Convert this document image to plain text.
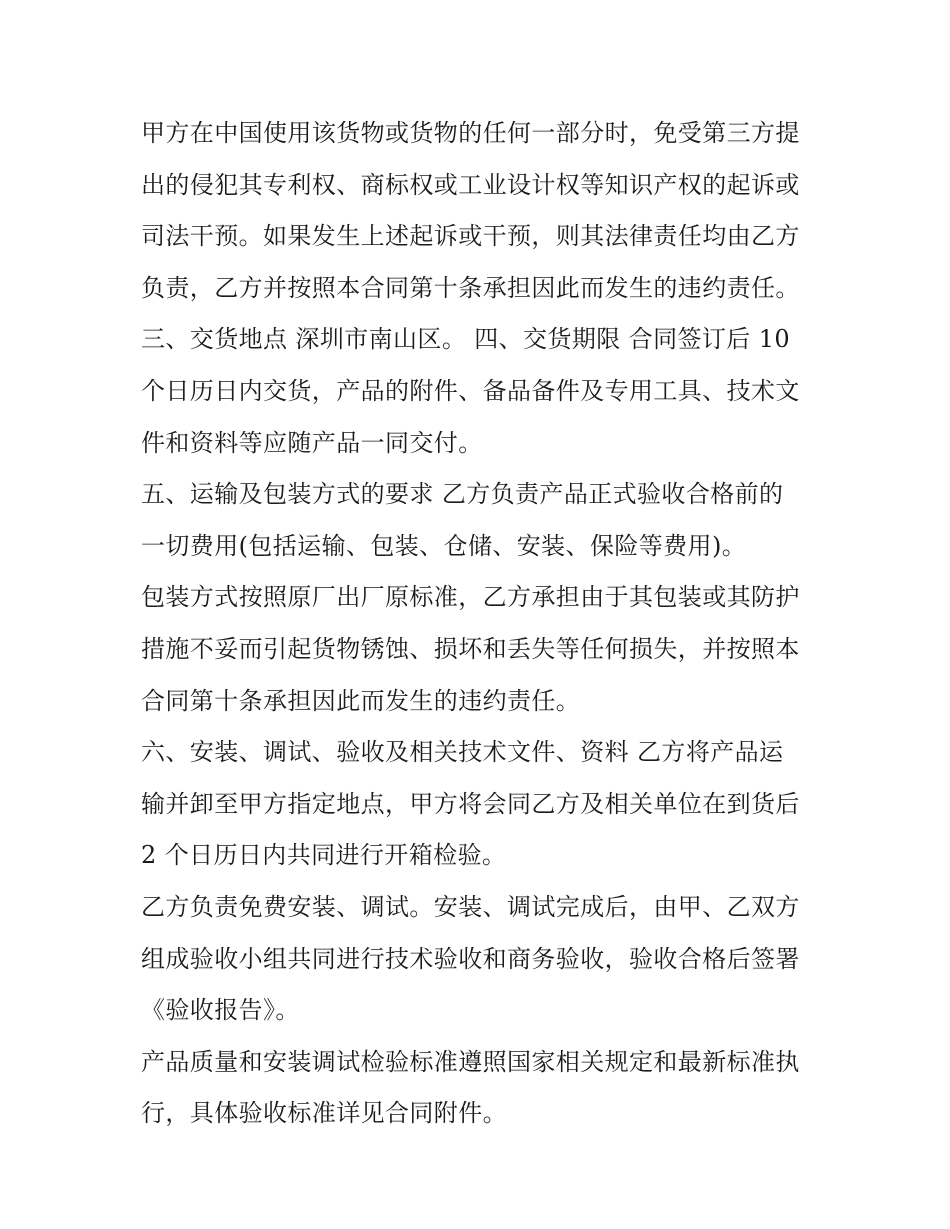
甲方在中国使用该货物或货物的任何一部分时，免受第三方提
出的侵犯其专利权、商标权或工业设计权等知识产权的起诉或
司法干预。如果发生上述起诉或干预，则其法律责任均由乙方
负责，乙方并按照本合同第十条承担因此而发生的违约责任。
三、交货地点 深圳市南山区。 四、交货期限 合同签订后 10
个日历日内交货，产品的附件、备品备件及专用工具、技术文
件和资料等应随产品一同交付。
五、运输及包装方式的要求 乙方负责产品正式验收合格前的
一切费用(包括运输、包装、仓储、安装、保险等费用)。
包装方式按照原厂出厂原标准，乙方承担由于其包装或其防护
措施不妥而引起货物锈蚀、损坏和丢失等任何损失，并按照本
合同第十条承担因此而发生的违约责任。
六、安装、调试、验收及相关技术文件、资料 乙方将产品运
输并卸至甲方指定地点，甲方将会同乙方及相关单位在到货后
2 个日历日内共同进行开箱检验。
乙方负责免费安装、调试。安装、调试完成后，由甲、乙双方
组成验收小组共同进行技术验收和商务验收，验收合格后签署
《验收报告》。
产品质量和安装调试检验标准遵照国家相关规定和最新标准执
行，具体验收标准详见合同附件。
